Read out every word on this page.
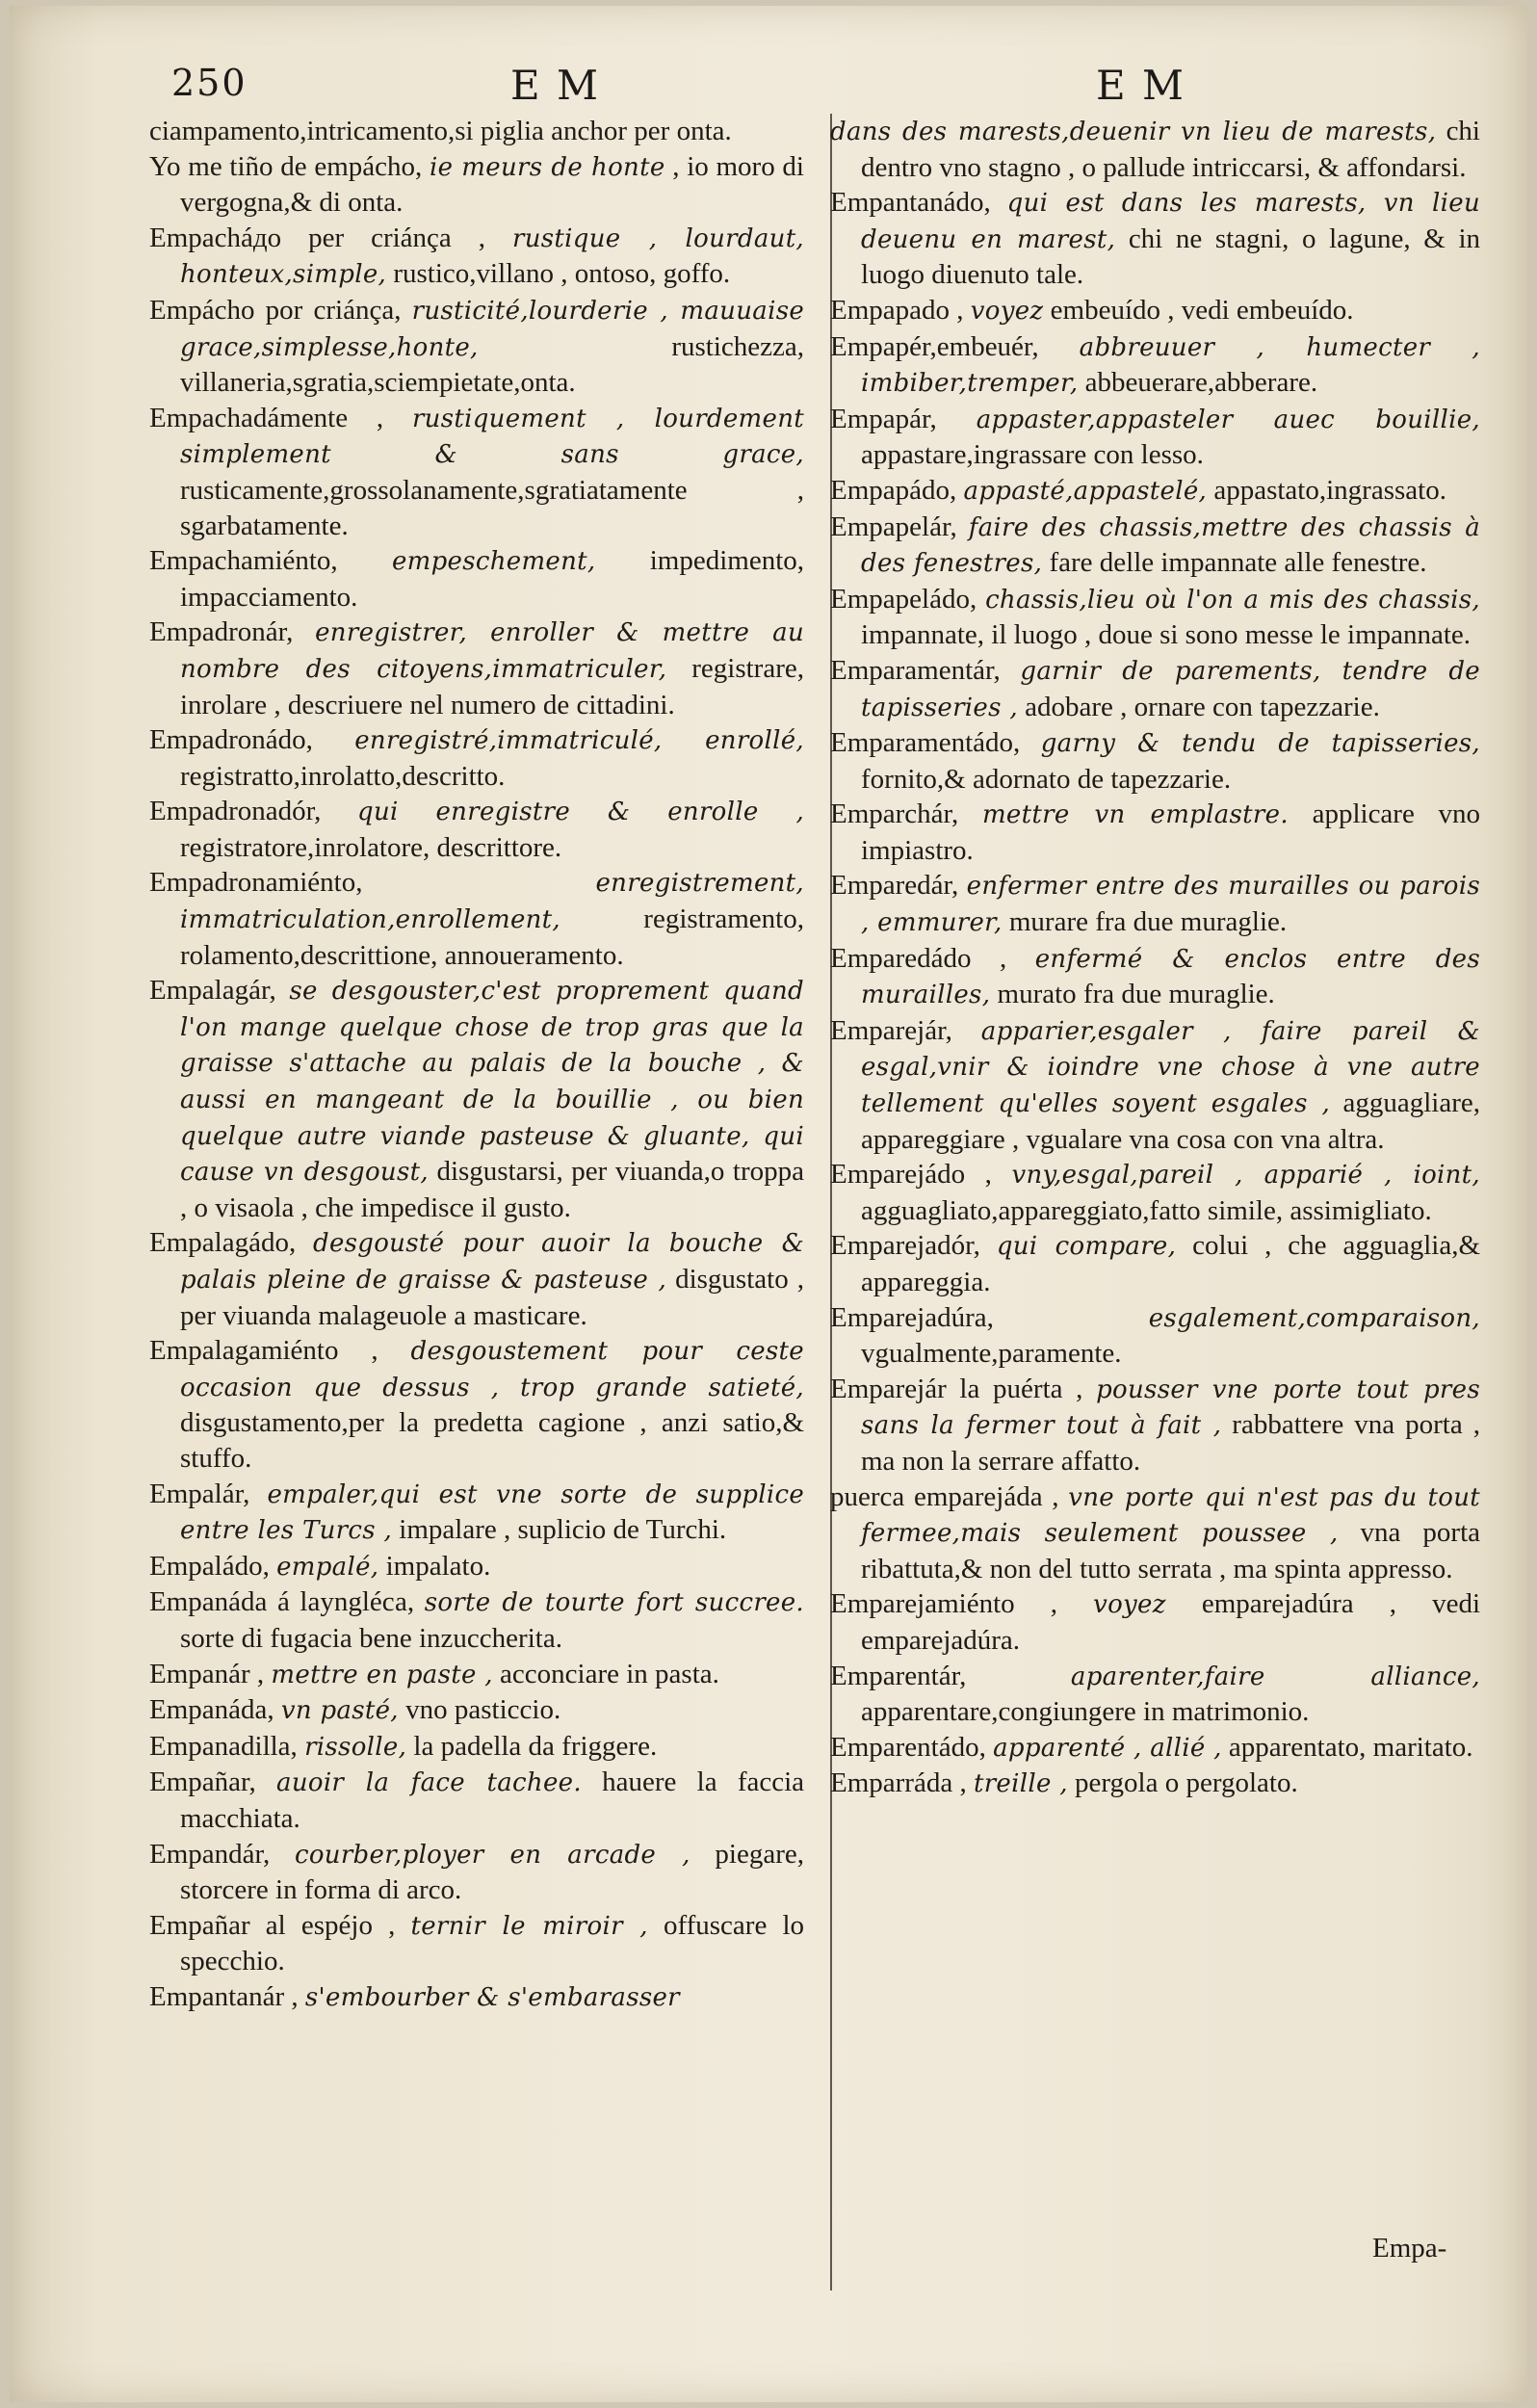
250	E M	E M

ciampamento,intricamento,si piglia anchor per onta.

Yo me tiño de empácho, ie meurs de honte , io moro di vergogna,& di onta.

Empacháдо per criánça , rustique , lourdaut, honteux,simple, rustico,villano , ontoso, goffo.

Empácho por criánça, rusticité,lourderie , mauuaise grace,simplesse,honte,	rustichezza, villaneria,sgratia,sciempietate,onta.

Empachadámente , rustiquement , lourdement simplement & sans grace, rusticamente,grossolanamente,sgratiatamente , sgarbatamente.

Empachamiénto, empeschement, impedimento, impacciamento.

Empadronár, enregistrer, enroller & mettre au nombre des citoyens,immatriculer, registrare, inrolare , descriuere nel numero de cittadini.

Empadronádo, enregistré,immatriculé, enrollé, registratto,inrolatto,descritto.

Empadronadór, qui enregistre & enrolle , registratore,inrolatore, descrittore.

Empadronamiénto,	enregistrement, immatriculation,enrollement,	registramento, rolamento,descrittione, annoueramento.

Empalagár, se desgouster,c'est proprement quand l'on mange quelque chose de trop gras que la graisse s'attache au palais de la bouche , & aussi en mangeant de la bouillie , ou bien quelque autre viande pasteuse & gluante, qui cause vn desgoust, disgustarsi, per viuanda,o troppa , o visaola , che impedisce il gusto.

Empalagádo, desgousté pour auoir la bouche & palais pleine de graisse & pasteuse , disgustato , per viuanda malageuole a masticare.

Empalagamiénto , desgoustement pour ceste occasion que dessus , trop grande satieté, disgustamento,per la predetta cagione , anzi satio,& stuffo.

Empalár, empaler,qui est vne sorte de supplice entre les Turcs , impalare , suplicio de Turchi.

Empaládo, empalé, impalato.

Empanáda á layngléса, sorte de tourte fort succree. sorte di fugacia bene inzuccherita.

Empanár , mettre en paste , acconciare in pasta.

Empanáda, vn pasté, vno pasticcio.

Empanadilla, rissolle, la padella da friggere.

Empañar, auoir la face tachee. hauere la faccia macchiata.

Empandár, courber,ployer en arcade , piegare, storcere in forma di arco.

Empañar al espéjo , ternir le miroir , offuscare lo specchio.

Empantanár , s'embourber & s'embarasser

dans des marests,deuenir vn lieu de marests, chi dentro vno stagno , o pallude intriccarsi, & affondarsi.

Empantanádo, qui est dans les marests, vn lieu deuenu en marest, chi ne stagni, o lagune, & in luogo diuenuto tale.

Empapado , voyez embeuído , vedi embeuído.

Empapér,embeuér, abbreuuer , humecter , imbiber,tremper, abbeuerare,abberare.

Empapár, appaster,appasteler auec bouillie, appastare,ingrassare con lesso.

Empapádo, appasté,appastelé, appastato,ingrassato.

Empapelár, faire des chassis,mettre des chassis à des fenestres, fare delle impannate alle fenestre.

Empapeládo, chassis,lieu où l'on a mis des chassis, impannate, il luogo , doue si sono messe le impannate.

Emparamentár, garnir de parements, tendre de tapisseries , adobare , ornare con tapezzarie.

Emparamentádo, garny & tendu de tapisseries, fornito,& adornato de tapezzarie.

Emparchár, mettre vn emplastre. applicare vno impiastro.

Emparedár, enfermer entre des murailles ou parois , emmurer, murare fra due muraglie.

Emparedádo , enfermé & enclos entre des murailles, murato fra due muraglie.

Emparejár, apparier,esgaler , faire pareil & esgal,vnir & ioindre vne chose à vne autre tellement qu'elles soyent esgales , agguagliare, appareggiare , vgualare vna cosa con vna altra.

Emparejádo , vny,esgal,pareil , apparié , ioint, agguagliato,appareggiato,fatto simile, assimigliato.

Emparejadór, qui compare, colui , che agguaglia,& appareggia.

Emparejadúra,	esgalement,comparaison, vgualmente,paramente.

Emparejár la puérta , pousser vne porte tout pres sans la fermer tout à fait , rabbattere vna porta , ma non la serrare affatto.

puerca emparejáda , vne porte qui n'est pas du tout fermee,mais seulement poussee , vna porta ribattuta,& non del tutto serrata , ma spinta appresso.

Emparejamiénto , voyez emparejadúra , vedi emparejadúra.

Emparentár,	aparenter,faire alliance, apparentare,congiungere in matrimonio.

Emparentádo, apparenté , allié , apparentato, maritato.

Emparráda , treille , pergola o pergolato.

Empa-
